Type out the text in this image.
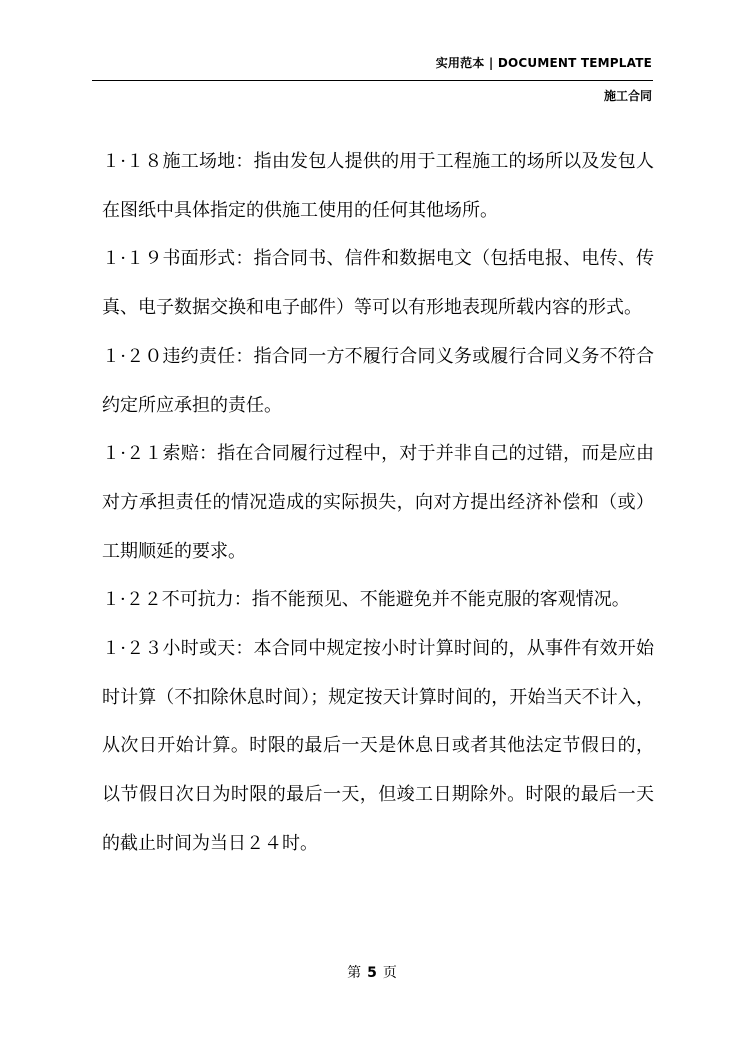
实用范本 | DOCUMENT TEMPLATE
施工合同

１·１８施工场地：指由发包人提供的用于工程施工的场所以及发包人在图纸中具体指定的供施工使用的任何其他场所。

１·１９书面形式：指合同书、信件和数据电文（包括电报、电传、传真、电子数据交换和电子邮件）等可以有形地表现所载内容的形式。

１·２０违约责任：指合同一方不履行合同义务或履行合同义务不符合约定所应承担的责任。

１·２１索赔：指在合同履行过程中，对于并非自己的过错，而是应由对方承担责任的情况造成的实际损失，向对方提出经济补偿和（或）工期顺延的要求。

１·２２不可抗力：指不能预见、不能避免并不能克服的客观情况。

１·２３小时或天：本合同中规定按小时计算时间的，从事件有效开始时计算（不扣除休息时间）；规定按天计算时间的，开始当天不计入，从次日开始计算。时限的最后一天是休息日或者其他法定节假日的，以节假日次日为时限的最后一天，但竣工日期除外。时限的最后一天的截止时间为当日２４时。

第 5 页
